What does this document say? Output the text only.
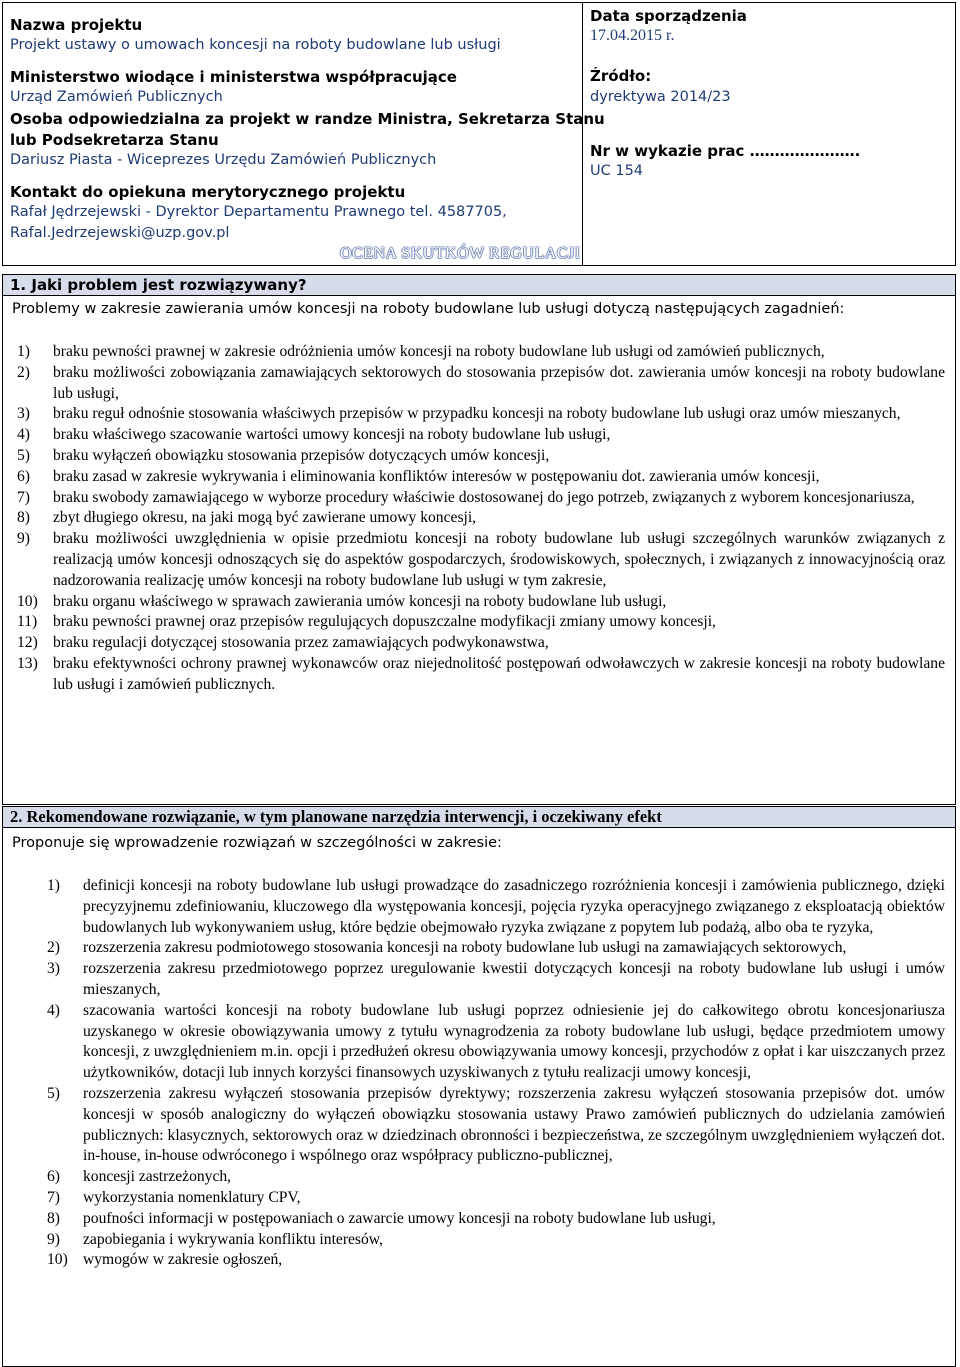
Nazwa projektu
Projekt ustawy o umowach koncesji na roboty budowlane lub usługi
Ministerstwo wiodące i ministerstwa współpracujące
Urząd Zamówień Publicznych
Osoba odpowiedzialna za projekt w randze Ministra, Sekretarza Stanu
lub Podsekretarza Stanu
Dariusz Piasta - Wiceprezes Urzędu Zamówień Publicznych
Kontakt do opiekuna merytorycznego projektu
Rafał Jędrzejewski - Dyrektor Departamentu Prawnego tel. 4587705,
Rafal.Jedrzejewski@uzp.gov.pl
Data sporządzenia
17.04.2015 r.
Źródło:
dyrektywa 2014/23
Nr w wykazie prac ………………….
UC 154
OCENA SKUTKÓW REGULACJI
1. Jaki problem jest rozwiązywany?
Problemy w zakresie zawierania umów koncesji na roboty budowlane lub usługi dotyczą następujących zagadnień:
1) braku pewności prawnej w zakresie odróżnienia umów koncesji na roboty budowlane lub usługi od zamówień publicznych,
2) braku możliwości zobowiązania zamawiających sektorowych do stosowania przepisów dot. zawierania umów koncesji na roboty budowlane lub usługi,
3) braku reguł odnośnie stosowania właściwych przepisów w przypadku koncesji na roboty budowlane lub usługi oraz umów mieszanych,
4) braku właściwego szacowanie wartości umowy koncesji na roboty budowlane lub usługi,
5) braku wyłączeń obowiązku stosowania przepisów dotyczących umów koncesji,
6) braku zasad w zakresie wykrywania i eliminowania konfliktów interesów w postępowaniu dot. zawierania umów koncesji,
7) braku swobody zamawiającego w wyborze procedury właściwie dostosowanej do jego potrzeb, związanych z wyborem koncesjonariusza,
8) zbyt długiego okresu, na jaki mogą być zawierane umowy koncesji,
9) braku możliwości uwzględnienia w opisie przedmiotu koncesji na roboty budowlane lub usługi szczególnych warunków związanych z realizacją umów koncesji odnoszących się do aspektów gospodarczych, środowiskowych, społecznych, i związanych z innowacyjnością oraz nadzorowania realizację umów koncesji na roboty budowlane lub usługi w tym zakresie,
10) braku organu właściwego w sprawach zawierania umów koncesji na roboty budowlane lub usługi,
11) braku pewności prawnej oraz przepisów regulujących dopuszczalne modyfikacji zmiany umowy koncesji,
12) braku regulacji dotyczącej stosowania przez zamawiających podwykonawstwa,
13) braku efektywności ochrony prawnej wykonawców oraz niejednolitość postępowań odwoławczych w zakresie koncesji na roboty budowlane lub usługi i zamówień publicznych.
2. Rekomendowane rozwiązanie, w tym planowane narzędzia interwencji, i oczekiwany efekt
Proponuje się wprowadzenie rozwiązań w szczególności w zakresie:
1) definicji koncesji na roboty budowlane lub usługi prowadzące do zasadniczego rozróżnienia koncesji i zamówienia publicznego, dzięki precyzyjnemu zdefiniowaniu, kluczowego dla występowania koncesji, pojęcia ryzyka operacyjnego związanego z eksploatacją obiektów budowlanych lub wykonywaniem usług, które będzie obejmowało ryzyka związane z popytem lub podażą, albo oba te ryzyka,
2) rozszerzenia zakresu podmiotowego stosowania koncesji na roboty budowlane lub usługi na zamawiających sektorowych,
3) rozszerzenia zakresu przedmiotowego poprzez uregulowanie kwestii dotyczących koncesji na roboty budowlane lub usługi i umów mieszanych,
4) szacowania wartości koncesji na roboty budowlane lub usługi poprzez odniesienie jej do całkowitego obrotu koncesjonariusza uzyskanego w okresie obowiązywania umowy z tytułu wynagrodzenia za roboty budowlane lub usługi, będące przedmiotem umowy koncesji, z uwzględnieniem m.in. opcji i przedłużeń okresu obowiązywania umowy koncesji, przychodów z opłat i kar uiszczanych przez użytkowników, dotacji lub innych korzyści finansowych uzyskiwanych z tytułu realizacji umowy koncesji,
5) rozszerzenia zakresu wyłączeń stosowania przepisów dyrektywy; rozszerzenia zakresu wyłączeń stosowania przepisów dot. umów koncesji w sposób analogiczny do wyłączeń obowiązku stosowania ustawy Prawo zamówień publicznych do udzielania zamówień publicznych: klasycznych, sektorowych oraz w dziedzinach obronności i bezpieczeństwa, ze szczególnym uwzględnieniem wyłączeń dot. in-house, in-house odwróconego i wspólnego oraz współpracy publiczno-publicznej,
6) koncesji zastrzeżonych,
7) wykorzystania nomenklatury CPV,
8) poufności informacji w postępowaniach o zawarcie umowy koncesji na roboty budowlane lub usługi,
9) zapobiegania i wykrywania konfliktu interesów,
10) wymogów w zakresie ogłoszeń,
